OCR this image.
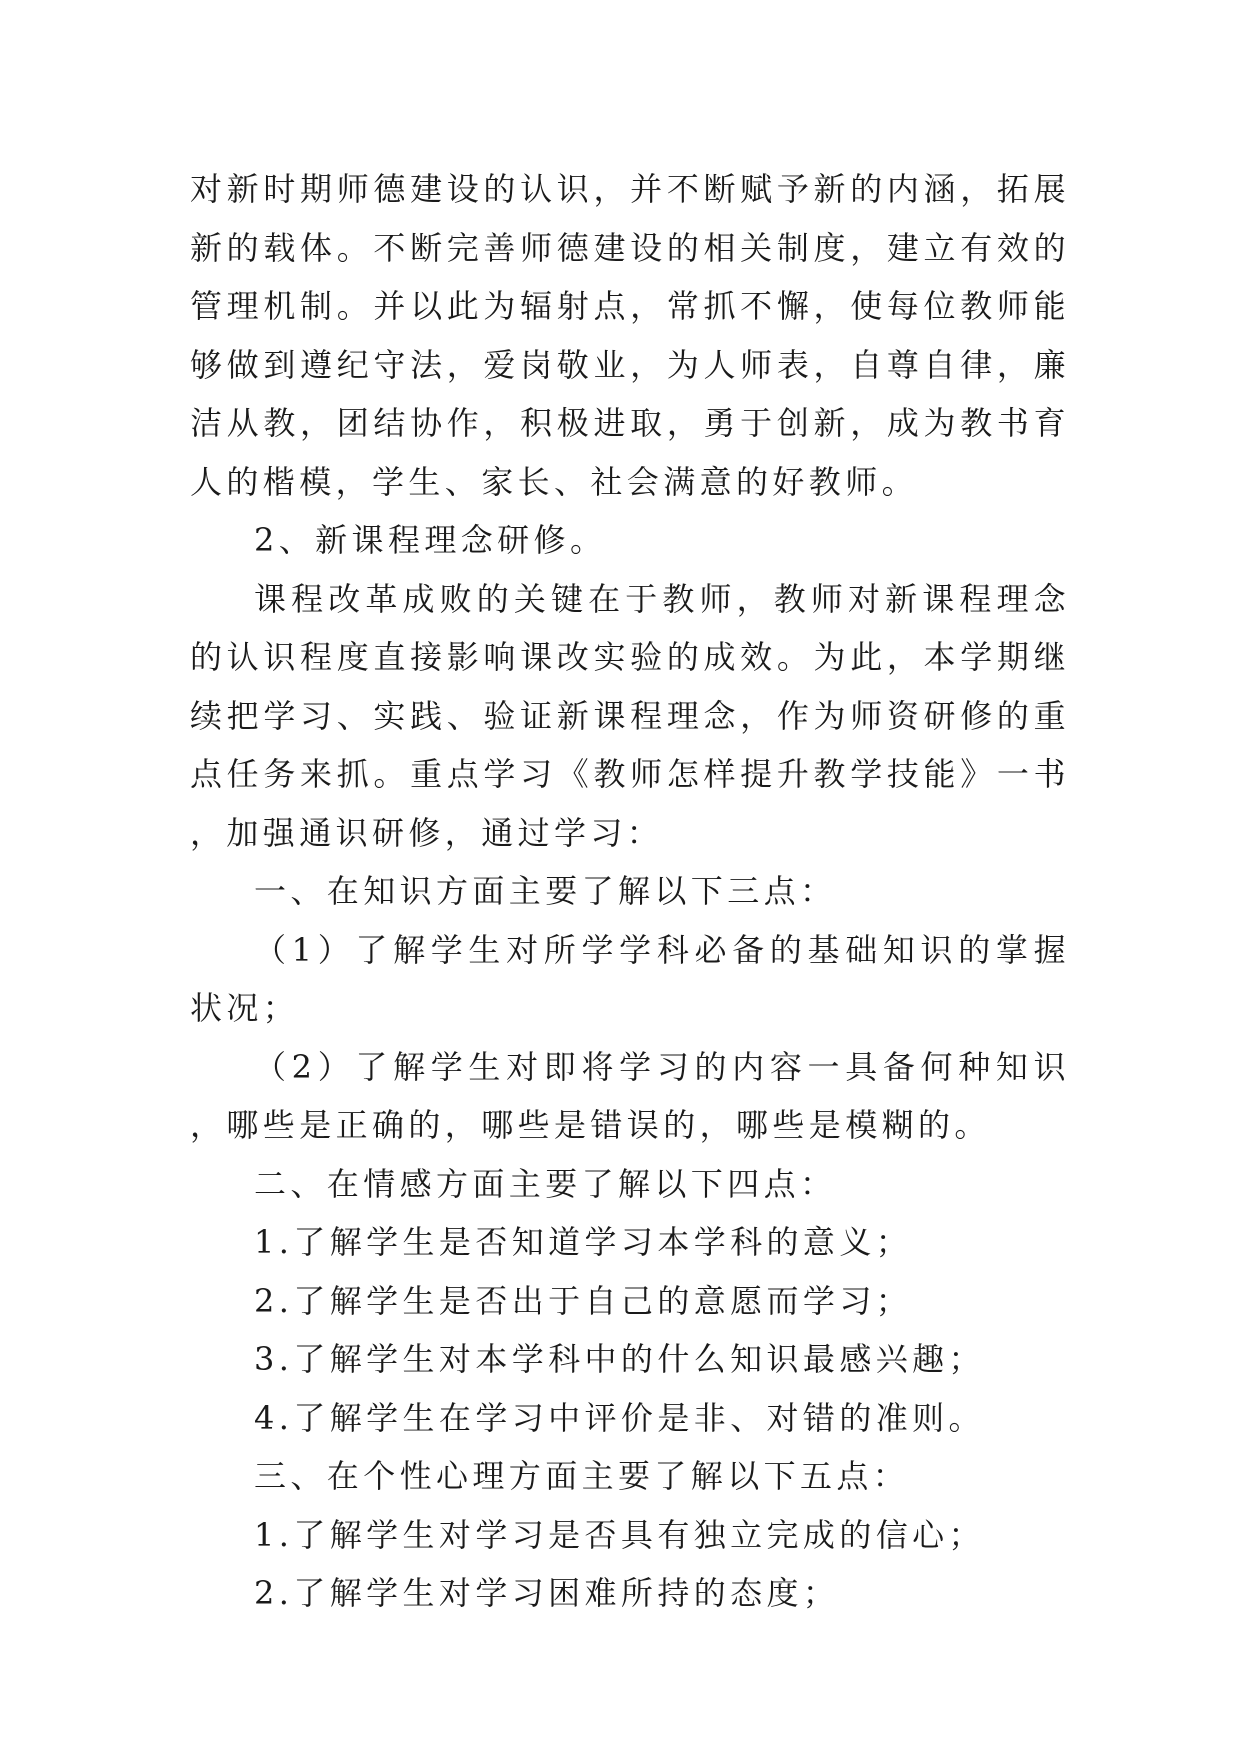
对新时期师德建设的认识，并不断赋予新的内涵，拓展新的载体。不断完善师德建设的相关制度，建立有效的管理机制。并以此为辐射点，常抓不懈，使每位教师能够做到遵纪守法，爱岗敬业，为人师表，自尊自律，廉洁从教，团结协作，积极进取，勇于创新，成为教书育人的楷模，学生、家长、社会满意的好教师。

2、新课程理念研修。

课程改革成败的关键在于教师，教师对新课程理念的认识程度直接影响课改实验的成效。为此，本学期继续把学习、实践、验证新课程理念，作为师资研修的重点任务来抓。重点学习《教师怎样提升教学技能》一书，加强通识研修，通过学习：

一、在知识方面主要了解以下三点：

（1）了解学生对所学学科必备的基础知识的掌握状况；

（2）了解学生对即将学习的内容一具备何种知识，哪些是正确的，哪些是错误的，哪些是模糊的。

二、在情感方面主要了解以下四点：

1.了解学生是否知道学习本学科的意义；

2.了解学生是否出于自己的意愿而学习；

3.了解学生对本学科中的什么知识最感兴趣；

4.了解学生在学习中评价是非、对错的准则。

三、在个性心理方面主要了解以下五点：

1.了解学生对学习是否具有独立完成的信心；

2.了解学生对学习困难所持的态度；
